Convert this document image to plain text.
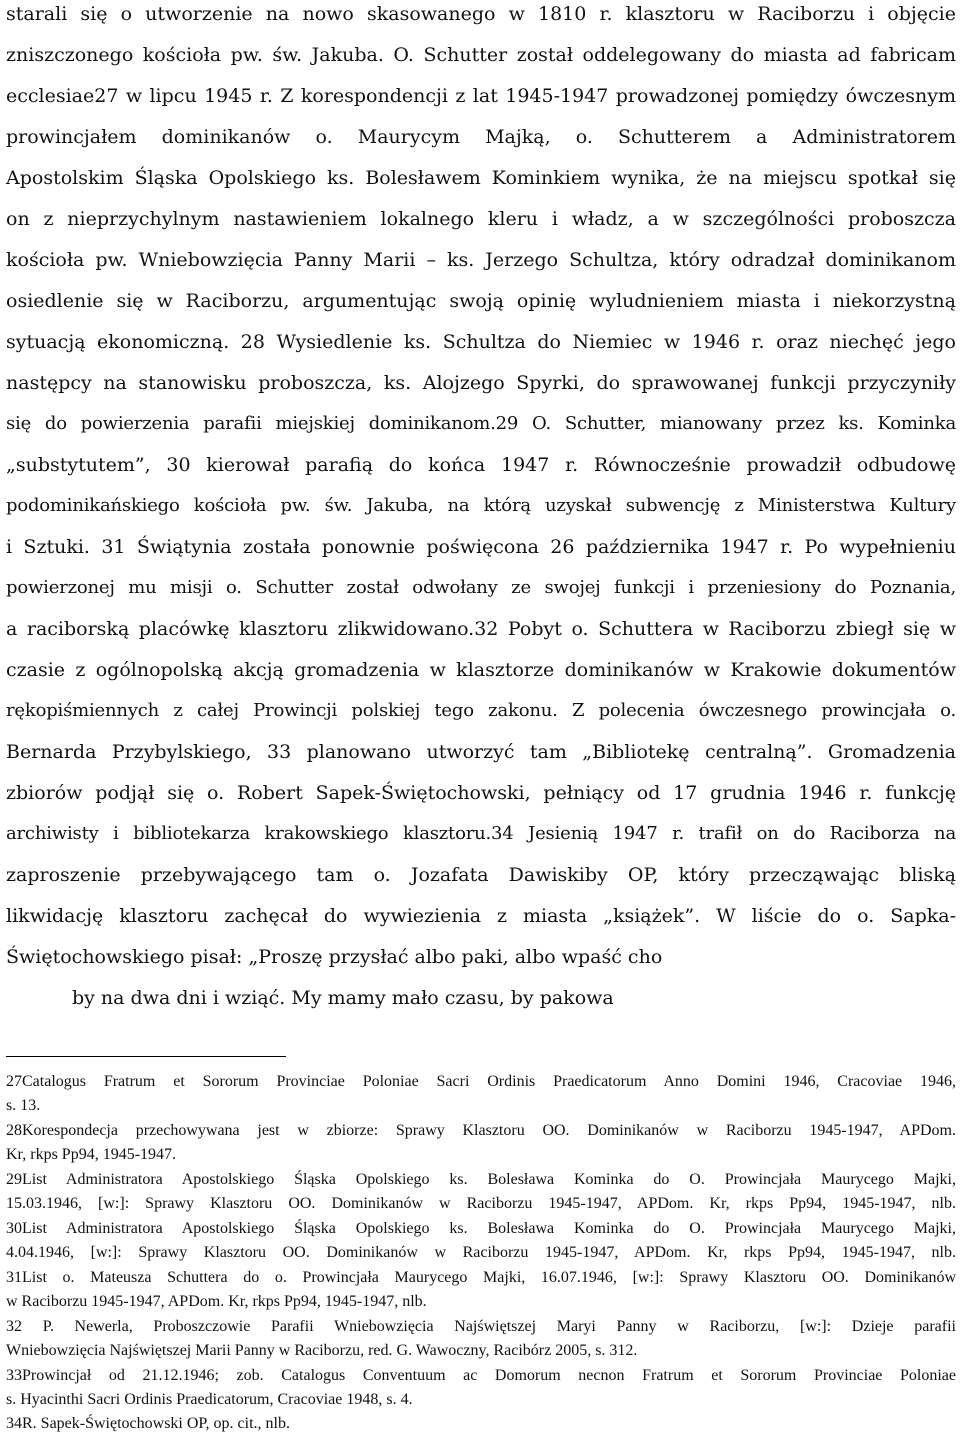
starali się o utworzenie na nowo skasowanego w 1810 r. klasztoru w Raciborzu i objęcie
zniszczonego kościoła pw. św. Jakuba. O. Schutter został oddelegowany do miasta ad fabricam
ecclesiae27 w lipcu 1945 r. Z korespondencji z lat 1945-1947 prowadzonej pomiędzy ówczesnym
prowincjałem dominikanów o. Maurycym Majką, o. Schutterem a Administratorem
Apostolskim Śląska Opolskiego ks. Bolesławem Kominkiem wynika, że na miejscu spotkał się
on z nieprzychylnym nastawieniem lokalnego kleru i władz, a w szczególności proboszcza
kościoła pw. Wniebowzięcia Panny Marii – ks. Jerzego Schultza, który odradzał dominikanom
osiedlenie się w Raciborzu, argumentując swoją opinię wyludnieniem miasta i niekorzystną
sytuacją ekonomiczną. 28 Wysiedlenie ks. Schultza do Niemiec w 1946 r. oraz niechęć jego
następcy na stanowisku proboszcza, ks. Alojzego Spyrki, do sprawowanej funkcji przyczyniły
się do powierzenia parafii miejskiej dominikanom.29 O. Schutter, mianowany przez ks. Kominka
„substytutem”, 30 kierował parafią do końca 1947 r. Równocześnie prowadził odbudowę
podominikańskiego kościoła pw. św. Jakuba, na którą uzyskał subwencję z Ministerstwa Kultury
i Sztuki. 31 Świątynia została ponownie poświęcona 26 października 1947 r. Po wypełnieniu
powierzonej mu misji o. Schutter został odwołany ze swojej funkcji i przeniesiony do Poznania,
a raciborską placówkę klasztoru zlikwidowano.32 Pobyt o. Schuttera w Raciborzu zbiegł się w
czasie z ogólnopolską akcją gromadzenia w klasztorze dominikanów w Krakowie dokumentów
rękopiśmiennych z całej Prowincji polskiej tego zakonu. Z polecenia ówczesnego prowincjała o.
Bernarda Przybylskiego, 33 planowano utworzyć tam „Bibliotekę centralną”. Gromadzenia
zbiorów podjął się o. Robert Sapek-Świętochowski, pełniący od 17 grudnia 1946 r. funkcję
archiwisty i bibliotekarza krakowskiego klasztoru.34 Jesienią 1947 r. trafił on do Raciborza na
zaproszenie przebywającego tam o. Jozafata Dawiskiby OP, który przecząwając bliską
likwidację klasztoru zachęcał do wywiezienia z miasta „książek”. W liście do o. Sapka-
Świętochowskiego pisał: „Proszę przysłać albo paki, albo wpaść cho
by na dwa dni i wziąć. My mamy mało czasu, by pakowa
27Catalogus Fratrum et Sororum Provinciae Poloniae Sacri Ordinis Praedicatorum Anno Domini 1946, Cracoviae 1946,
s. 13.
28Korespondecja przechowywana jest w zbiorze: Sprawy Klasztoru OO. Dominikanów w Raciborzu 1945-1947, APDom.
Kr, rkps Pp94, 1945-1947.
29List Administratora Apostolskiego Śląska Opolskiego ks. Bolesława Kominka do O. Prowincjała Maurycego Majki,
15.03.1946, [w:]: Sprawy Klasztoru OO. Dominikanów w Raciborzu 1945-1947, APDom. Kr, rkps Pp94, 1945-1947, nlb.
30List Administratora Apostolskiego Śląska Opolskiego ks. Bolesława Kominka do O. Prowincjała Maurycego Majki,
4.04.1946, [w:]: Sprawy Klasztoru OO. Dominikanów w Raciborzu 1945-1947, APDom. Kr, rkps Pp94, 1945-1947, nlb.
31List o. Mateusza Schuttera do o. Prowincjała Maurycego Majki, 16.07.1946, [w:]: Sprawy Klasztoru OO. Dominikanów
w Raciborzu 1945-1947, APDom. Kr, rkps Pp94, 1945-1947, nlb.
32 P. Newerla, Proboszczowie Parafii Wniebowzięcia Najświętszej Maryi Panny w Raciborzu, [w:]: Dzieje parafii
Wniebowzięcia Najświętszej Marii Panny w Raciborzu, red. G. Wawoczny, Racibórz 2005, s. 312.
33Prowincjał od 21.12.1946; zob. Catalogus Conventuum ac Domorum necnon Fratrum et Sororum Provinciae Poloniae
s. Hyacinthi Sacri Ordinis Praedicatorum, Cracoviae 1948, s. 4.
34R. Sapek-Świętochowski OP, op. cit., nlb.
